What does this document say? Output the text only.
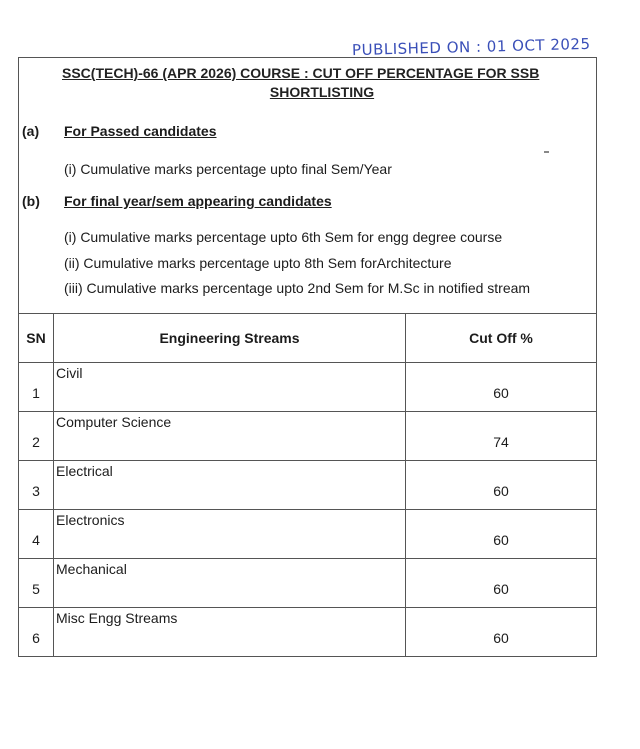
PUBLISHED ON : 01 OCT 2025
SSC(TECH)-66 (APR 2026) COURSE : CUT OFF PERCENTAGE FOR SSB
SHORTLISTING
(a) For Passed candidates
(i) Cumulative marks percentage upto final Sem/Year
(b) For final year/sem appearing candidates
(i) Cumulative marks percentage upto 6th Sem for engg degree course
(ii) Cumulative marks percentage upto 8th Sem forArchitecture
(iii) Cumulative marks percentage upto 2nd Sem for M.Sc in notified stream
SN	Engineering Streams	Cut Off %
1	Civil	60
2	Computer Science	74
3	Electrical	60
4	Electronics	60
5	Mechanical	60
6	Misc Engg Streams	60
